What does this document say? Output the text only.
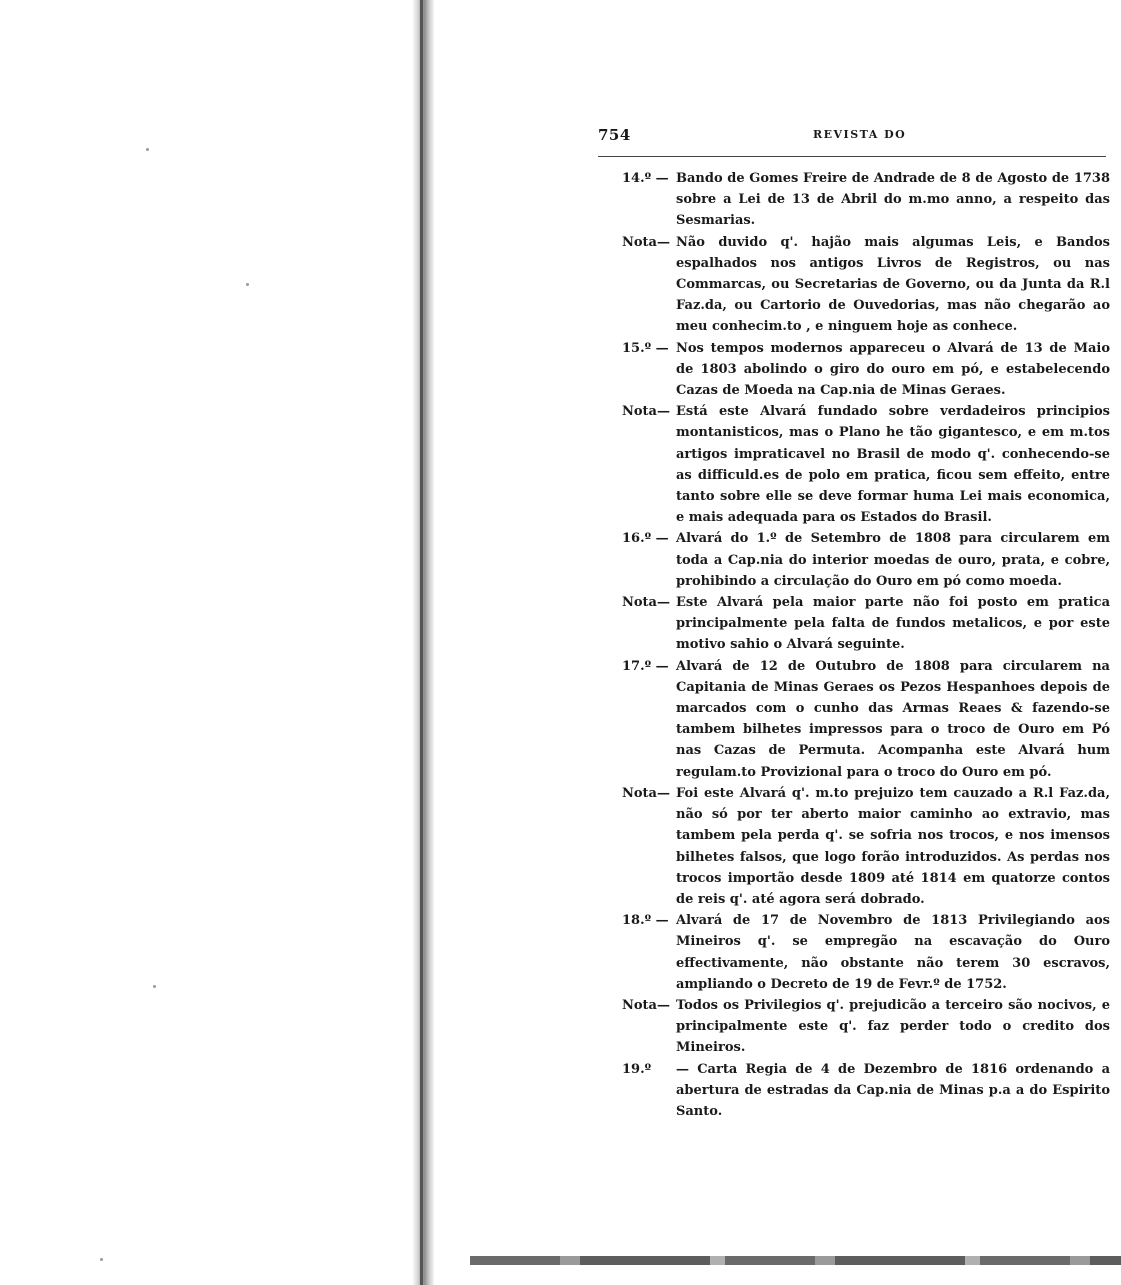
754	REVISTA DO
14.º — Bando de Gomes Freire de Andrade de 8 de Agosto de 1738 sobre a Lei de 13 de Abril do m.mo anno, a respeito das Sesmarias.
Nota— Não duvido q'. hajão mais algumas Leis, e Bandos espalhados nos antigos Livros de Registros, ou nas Commarcas, ou Secretarias de Governo, ou da Junta da R.l Faz.da, ou Cartorio de Ouvedorias, mas não chegarão ao meu conhecim.to , e ninguem hoje as conhece.
15.º — Nos tempos modernos appareceu o Alvará de 13 de Maio de 1803 abolindo o giro do ouro em pó, e estabelecendo Cazas de Moeda na Cap.nia de Minas Geraes.
Nota— Está este Alvará fundado sobre verdadeiros principios montanisticos, mas o Plano he tão gigantesco, e em m.tos artigos impraticavel no Brasil de modo q'. conhecendo-se as difficuld.es de polo em pratica, ficou sem effeito, entre tanto sobre elle se deve formar huma Lei mais economica, e mais adequada para os Estados do Brasil.
16.º — Alvará do 1.º de Setembro de 1808 para circularem em toda a Cap.nia do interior moedas de ouro, prata, e cobre, prohibindo a circulação do Ouro em pó como moeda.
Nota— Este Alvará pela maior parte não foi posto em pratica principalmente pela falta de fundos metalicos, e por este motivo sahio o Alvará seguinte.
17.º — Alvará de 12 de Outubro de 1808 para circularem na Capitania de Minas Geraes os Pezos Hespanhoes depois de marcados com o cunho das Armas Reaes & fazendo-se tambem bilhetes impressos para o troco de Ouro em Pó nas Cazas de Permuta. Acompanha este Alvará hum regulam.to Provizional para o troco do Ouro em pó.
Nota— Foi este Alvará q'. m.to prejuizo tem cauzado a R.l Faz.da, não só por ter aberto maior caminho ao extravio, mas tambem pela perda q'. se sofria nos trocos, e nos imensos bilhetes falsos, que logo forão introduzidos. As perdas nos trocos importão desde 1809 até 1814 em quatorze contos de reis q'. até agora será dobrado.
18.º — Alvará de 17 de Novembro de 1813 Privilegiando aos Mineiros q'. se empregão na escavação do Ouro effectivamente, não obstante não terem 30 escravos, ampliando o Decreto de 19 de Fevr.º de 1752.
Nota— Todos os Privilegios q'. prejudicão a terceiro são nocivos, e principalmente este q'. faz perder todo o credito dos Mineiros.
19.º	— Carta Regia de 4 de Dezembro de 1816 ordenando a abertura de estradas da Cap.nia de Minas p.a a do Espirito Santo.
